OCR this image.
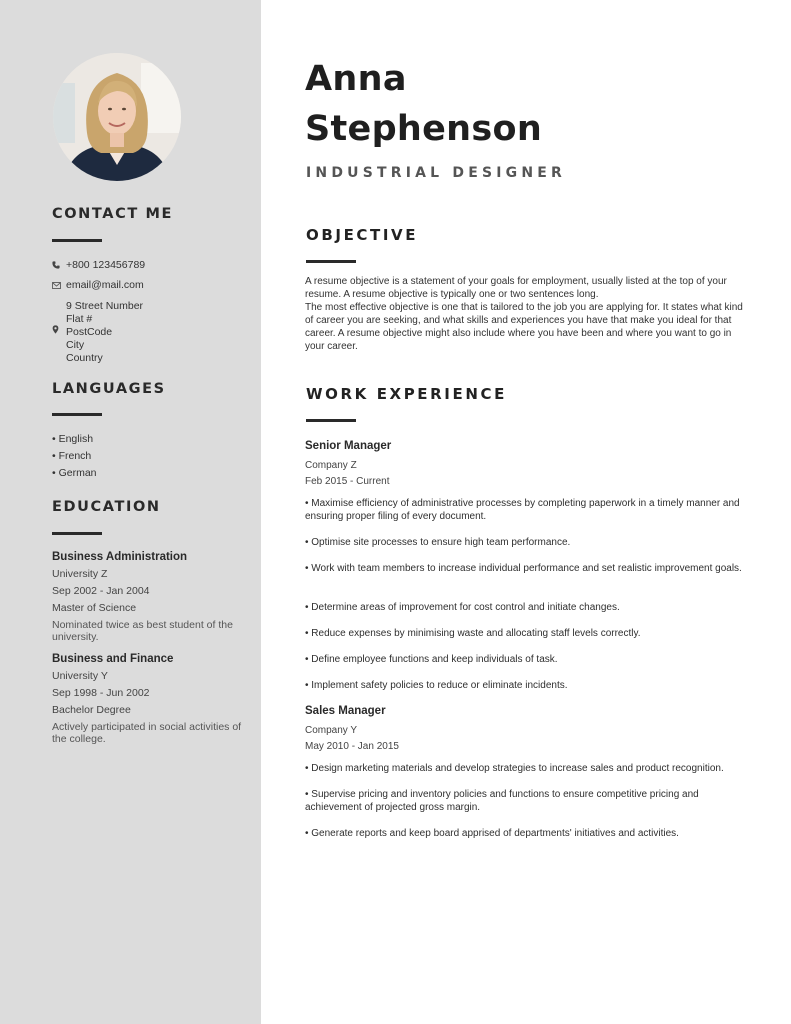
CONTACT ME
+800 123456789
email@mail.com
9 Street Number
Flat #
PostCode
City
Country
LANGUAGES
• English
• French
• German
EDUCATION
Business Administration
University Z
Sep 2002 - Jan 2004
Master of Science
Nominated twice as best student of the university.
Business and Finance
University Y
Sep 1998 - Jun 2002
Bachelor Degree
Actively participated in social activities of the college.
Anna
Stephenson
INDUSTRIAL DESIGNER
OBJECTIVE
A resume objective is a statement of your goals for employment, usually listed at the top of your resume. A resume objective is typically one or two sentences long.
The most effective objective is one that is tailored to the job you are applying for. It states what kind of career you are seeking, and what skills and experiences you have that make you ideal for that career. A resume objective might also include where you have been and where you want to go in your career.
WORK EXPERIENCE
Senior Manager
Company Z
Feb 2015 - Current
• Maximise efficiency of administrative processes by completing paperwork in a timely manner and ensuring proper filing of every document.
• Optimise site processes to ensure high team performance.
• Work with team members to increase individual performance and set realistic improvement goals.
• Determine areas of improvement for cost control and initiate changes.
• Reduce expenses by minimising waste and allocating staff levels correctly.
• Define employee functions and keep individuals of task.
• Implement safety policies to reduce or eliminate incidents.
Sales Manager
Company Y
May 2010 - Jan 2015
• Design marketing materials and develop strategies to increase sales and product recognition.
• Supervise pricing and inventory policies and functions to ensure competitive pricing and achievement of projected gross margin.
• Generate reports and keep board apprised of departments' initiatives and activities.
